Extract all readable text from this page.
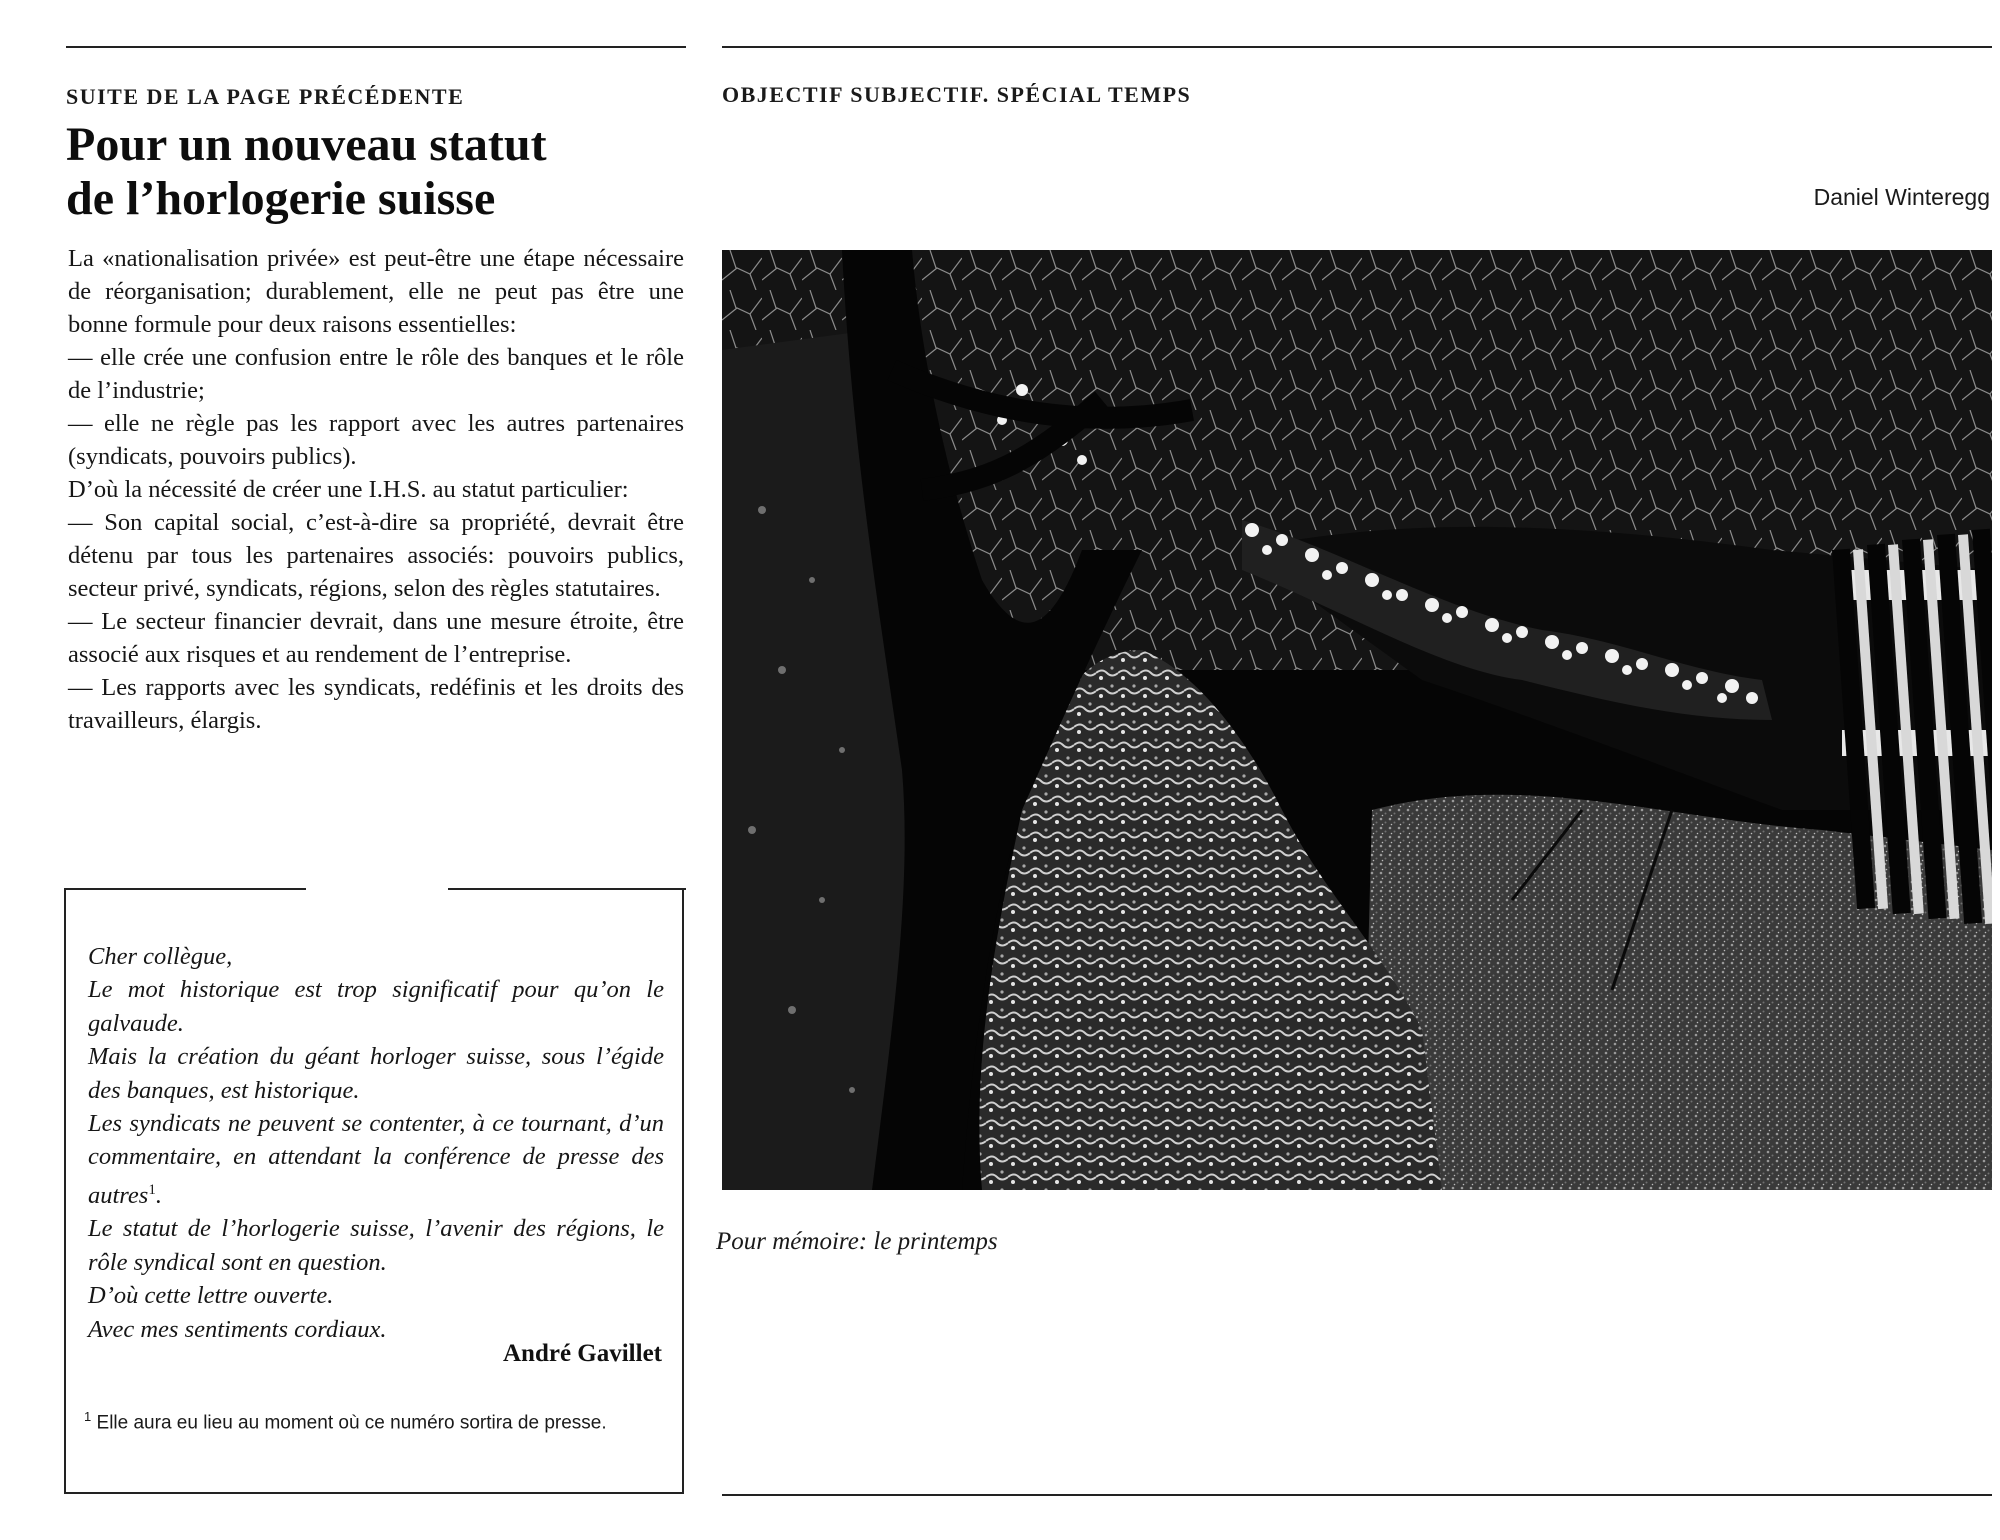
SUITE DE LA PAGE PRÉCÉDENTE
Pour un nouveau statut
de l’horlogerie suisse

La «nationalisation privée» est peut-être une étape nécessaire de réorganisation; durablement, elle ne peut pas être une bonne formule pour deux raisons essentielles:

— elle crée une confusion entre le rôle des banques et le rôle de l’industrie;

— elle ne règle pas les rapport avec les autres partenaires (syndicats, pouvoirs publics).

D’où la nécessité de créer une I.H.S. au statut particulier:

— Son capital social, c’est-à-dire sa propriété, devrait être détenu par tous les partenaires associés: pouvoirs publics, secteur privé, syndicats, régions, selon des règles statutaires.

— Le secteur financier devrait, dans une mesure étroite, être associé aux risques et au rendement de l’entreprise.

— Les rapports avec les syndicats, redéfinis et les droits des travailleurs, élargis.

Cher collègue,

Le mot historique est trop significatif pour qu’on le galvaude.

Mais la création du géant horloger suisse, sous l’égide des banques, est historique.

Les syndicats ne peuvent se contenter, à ce tournant, d’un commentaire, en attendant la conférence de presse des autres$^1$.

Le statut de l’horlogerie suisse, l’avenir des régions, le rôle syndical sont en question.

D’où cette lettre ouverte.

Avec mes sentiments cordiaux.

André Gavillet
$^1$ Elle aura eu lieu au moment où ce numéro sortira de presse.
OBJECTIF SUBJECTIF. SPÉCIAL TEMPS
Daniel Winteregg
Pour mémoire: le printemps
